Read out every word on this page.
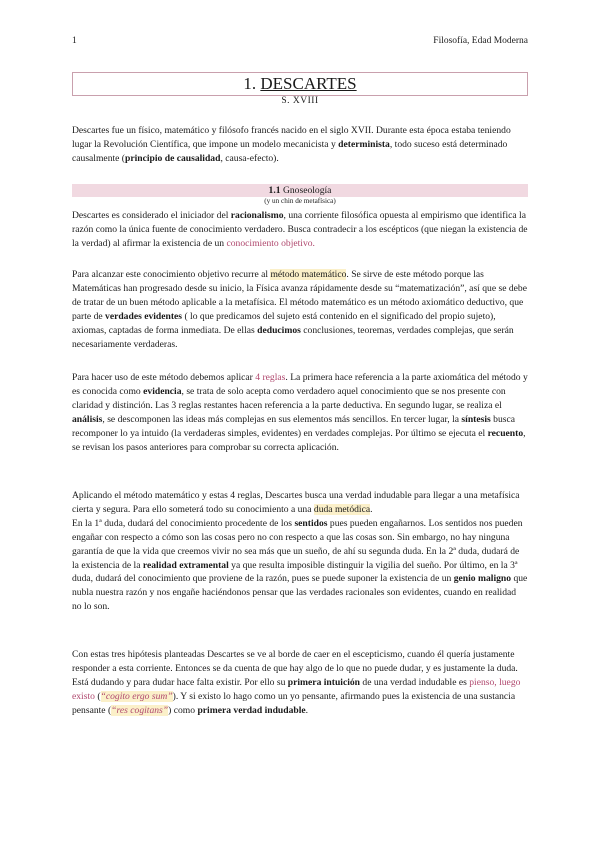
1	Filosofía, Edad Moderna
1. DESCARTES
S. XVIII
Descartes fue un físico, matemático y filósofo francés nacido en el siglo XVII. Durante esta época estaba teniendo lugar la Revolución Científica, que impone un modelo mecanicista y determinista, todo suceso está determinado causalmente (principio de causalidad, causa-efecto).
1.1 Gnoseología
(y un chin de metafísica)
Descartes es considerado el iniciador del racionalismo, una corriente filosófica opuesta al empirismo que identifica la razón como la única fuente de conocimiento verdadero. Busca contradecir a los escépticos (que niegan la existencia de la verdad) al afirmar la existencia de un conocimiento objetivo.
Para alcanzar este conocimiento objetivo recurre al método matemático. Se sirve de este método porque las Matemáticas han progresado desde su inicio, la Física avanza rápidamente desde su “matematización”, así que se debe de tratar de un buen método aplicable a la metafísica. El método matemático es un método axiomático deductivo, que parte de verdades evidentes ( lo que predicamos del sujeto está contenido en el significado del propio sujeto), axiomas, captadas de forma inmediata. De ellas deducimos conclusiones, teoremas, verdades complejas, que serán necesariamente verdaderas.
Para hacer uso de este método debemos aplicar 4 reglas. La primera hace referencia a la parte axiomática del método y es conocida como evidencia, se trata de solo acepta como verdadero aquel conocimiento que se nos presente con claridad y distinción. Las 3 reglas restantes hacen referencia a la parte deductiva. En segundo lugar, se realiza el análisis, se descomponen las ideas más complejas en sus elementos más sencillos. En tercer lugar, la síntesis busca recomponer lo ya intuido (la verdaderas simples, evidentes) en verdades complejas. Por último se ejecuta el recuento, se revisan los pasos anteriores para comprobar su correcta aplicación.
Aplicando el método matemático y estas 4 reglas, Descartes busca una verdad indudable para llegar a una metafísica cierta y segura. Para ello someterá todo su conocimiento a una duda metódica.
En la 1ª duda, dudará del conocimiento procedente de los sentidos pues pueden engañarnos. Los sentidos nos pueden engañar con respecto a cómo son las cosas pero no con respecto a que las cosas son. Sin embargo, no hay ninguna garantía de que la vida que creemos vivir no sea más que un sueño, de ahí su segunda duda. En la 2ª duda, dudará de la existencia de la realidad extramental ya que resulta imposible distinguir la vigilia del sueño. Por último, en la 3ª duda, dudará del conocimiento que proviene de la razón, pues se puede suponer la existencia de un genio maligno que nubla nuestra razón y nos engañe haciéndonos pensar que las verdades racionales son evidentes, cuando en realidad no lo son.
Con estas tres hipótesis planteadas Descartes se ve al borde de caer en el escepticismo, cuando él quería justamente responder a esta corriente. Entonces se da cuenta de que hay algo de lo que no puede dudar, y es justamente la duda. Está dudando y para dudar hace falta existir. Por ello su primera intuición de una verdad indudable es pienso, luego existo (“cogito ergo sum”). Y si existo lo hago como un yo pensante, afirmando pues la existencia de una sustancia pensante (“res cogitans”) como primera verdad indudable.
